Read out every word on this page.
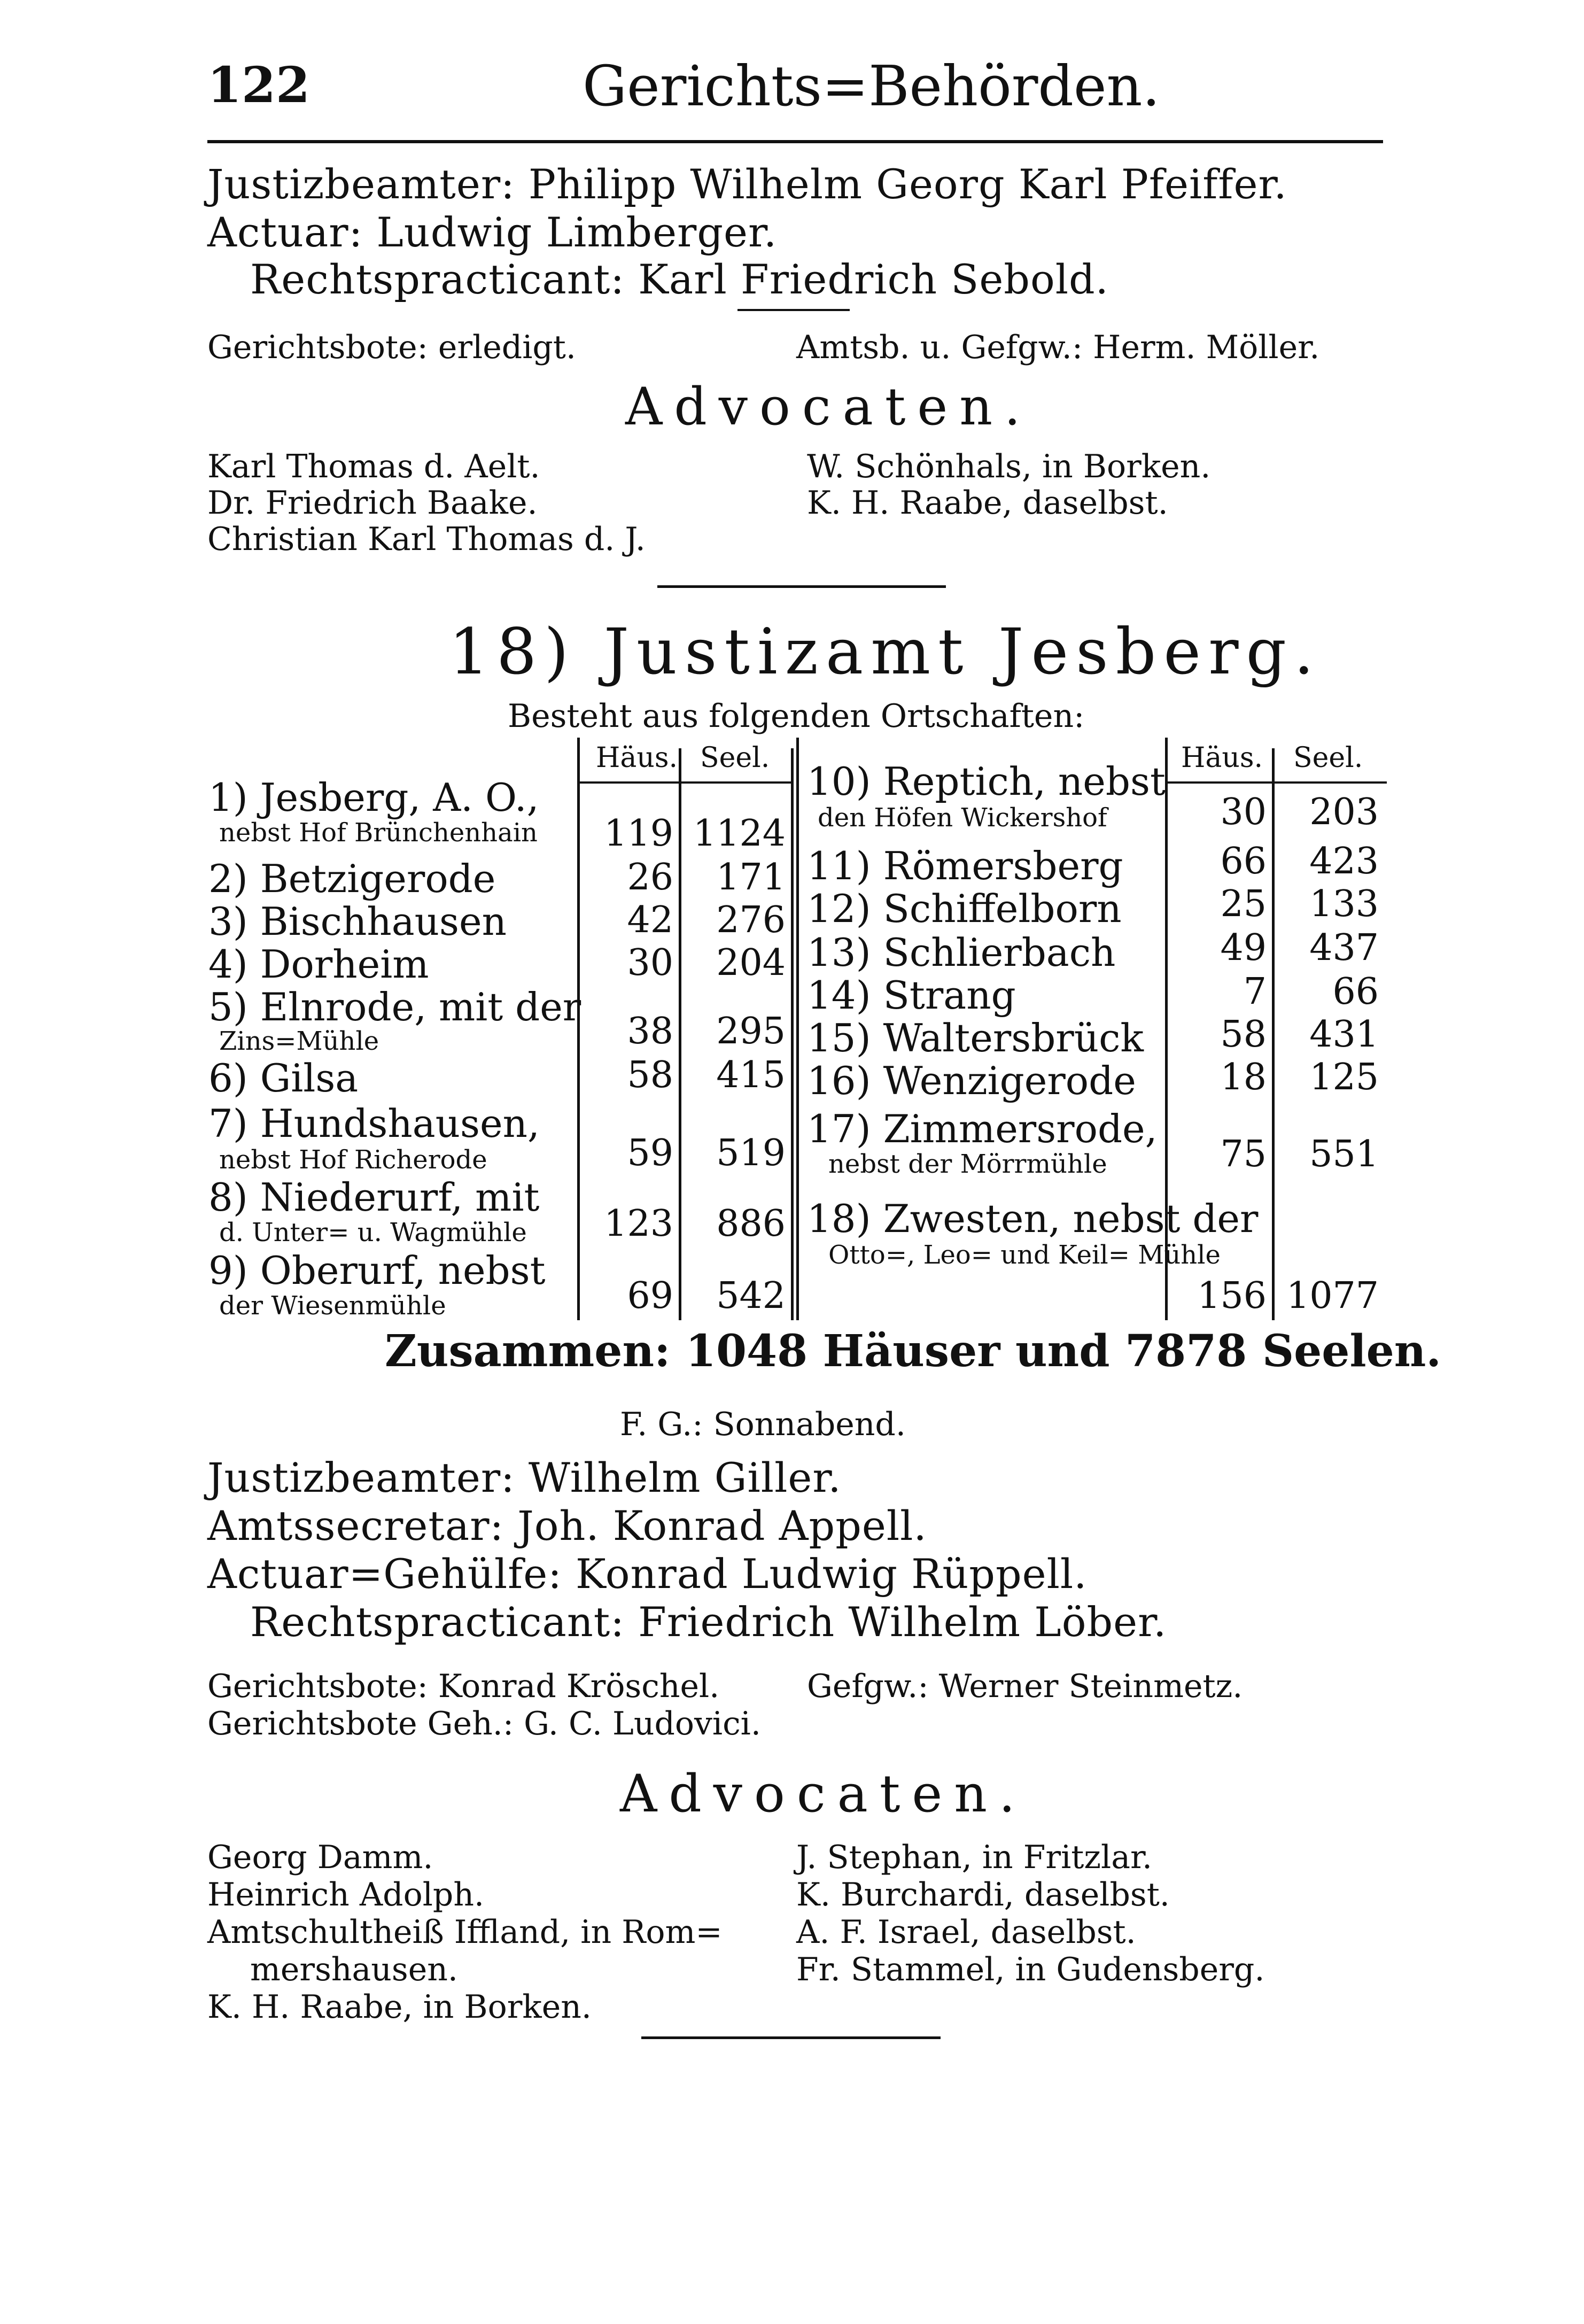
122	Gerichts=Behörden.
Justizbeamter: Philipp Wilhelm Georg Karl Pfeiffer.
Actuar: Ludwig Limberger.
Rechtspracticant: Karl Friedrich Sebold.
Gerichtsbote: erledigt.	Amtsb. u. Gefgw.: Herm. Möller.
Advocaten.
Karl Thomas d. Aelt.
Dr. Friedrich Baake.
Christian Karl Thomas d. J.
W. Schönhals, in Borken.
K. H. Raabe, daselbst.
18) Justizamt Jesberg.
Besteht aus folgenden Ortschaften:
Häus. Seel.	Häus. Seel.
1) Jesberg, A. O.,
nebst Hof Brünchenhain	119 1124
2) Betzigerode	26	171
3) Bischhausen	42	276
4) Dorheim	30	204
5) Elnrode, mit der
Zins=Mühle	38	295
6) Gilsa	58	415
7) Hundshausen,
nebst Hof Richerode	59	519
8) Niederurf, mit
d. Unter= u. Wagmühle	123	886
9) Oberurf, nebst
der Wiesenmühle	69	542
10) Reptich, nebst
den Höfen Wickershof	30	203
11) Römersberg	66	423
12) Schiffelborn	25	133
13) Schlierbach	49	437
14) Strang	7	66
15) Waltersbrück	58	431
16) Wenzigerode	18	125
17) Zimmersrode,
nebst der Mörrmühle	75	551
18) Zwesten, nebst der
Otto=, Leo= und Keil= Mühle
156 1077
Zusammen: 1048 Häuser und 7878 Seelen.
F. G.: Sonnabend.
Justizbeamter: Wilhelm Giller.
Amtssecretar: Joh. Konrad Appell.
Actuar=Gehülfe: Konrad Ludwig Rüppell.
Rechtspracticant: Friedrich Wilhelm Löber.
Gerichtsbote: Konrad Kröschel.	Gefgw.: Werner Steinmetz.
Gerichtsbote Geh.: G. C. Ludovici.
Advocaten.
Georg Damm.
Heinrich Adolph.
Amtschultheiß Iffland, in Rom=
mershausen.
K. H. Raabe, in Borken.
J. Stephan, in Fritzlar.
K. Burchardi, daselbst.
A. F. Israel, daselbst.
Fr. Stammel, in Gudensberg.
